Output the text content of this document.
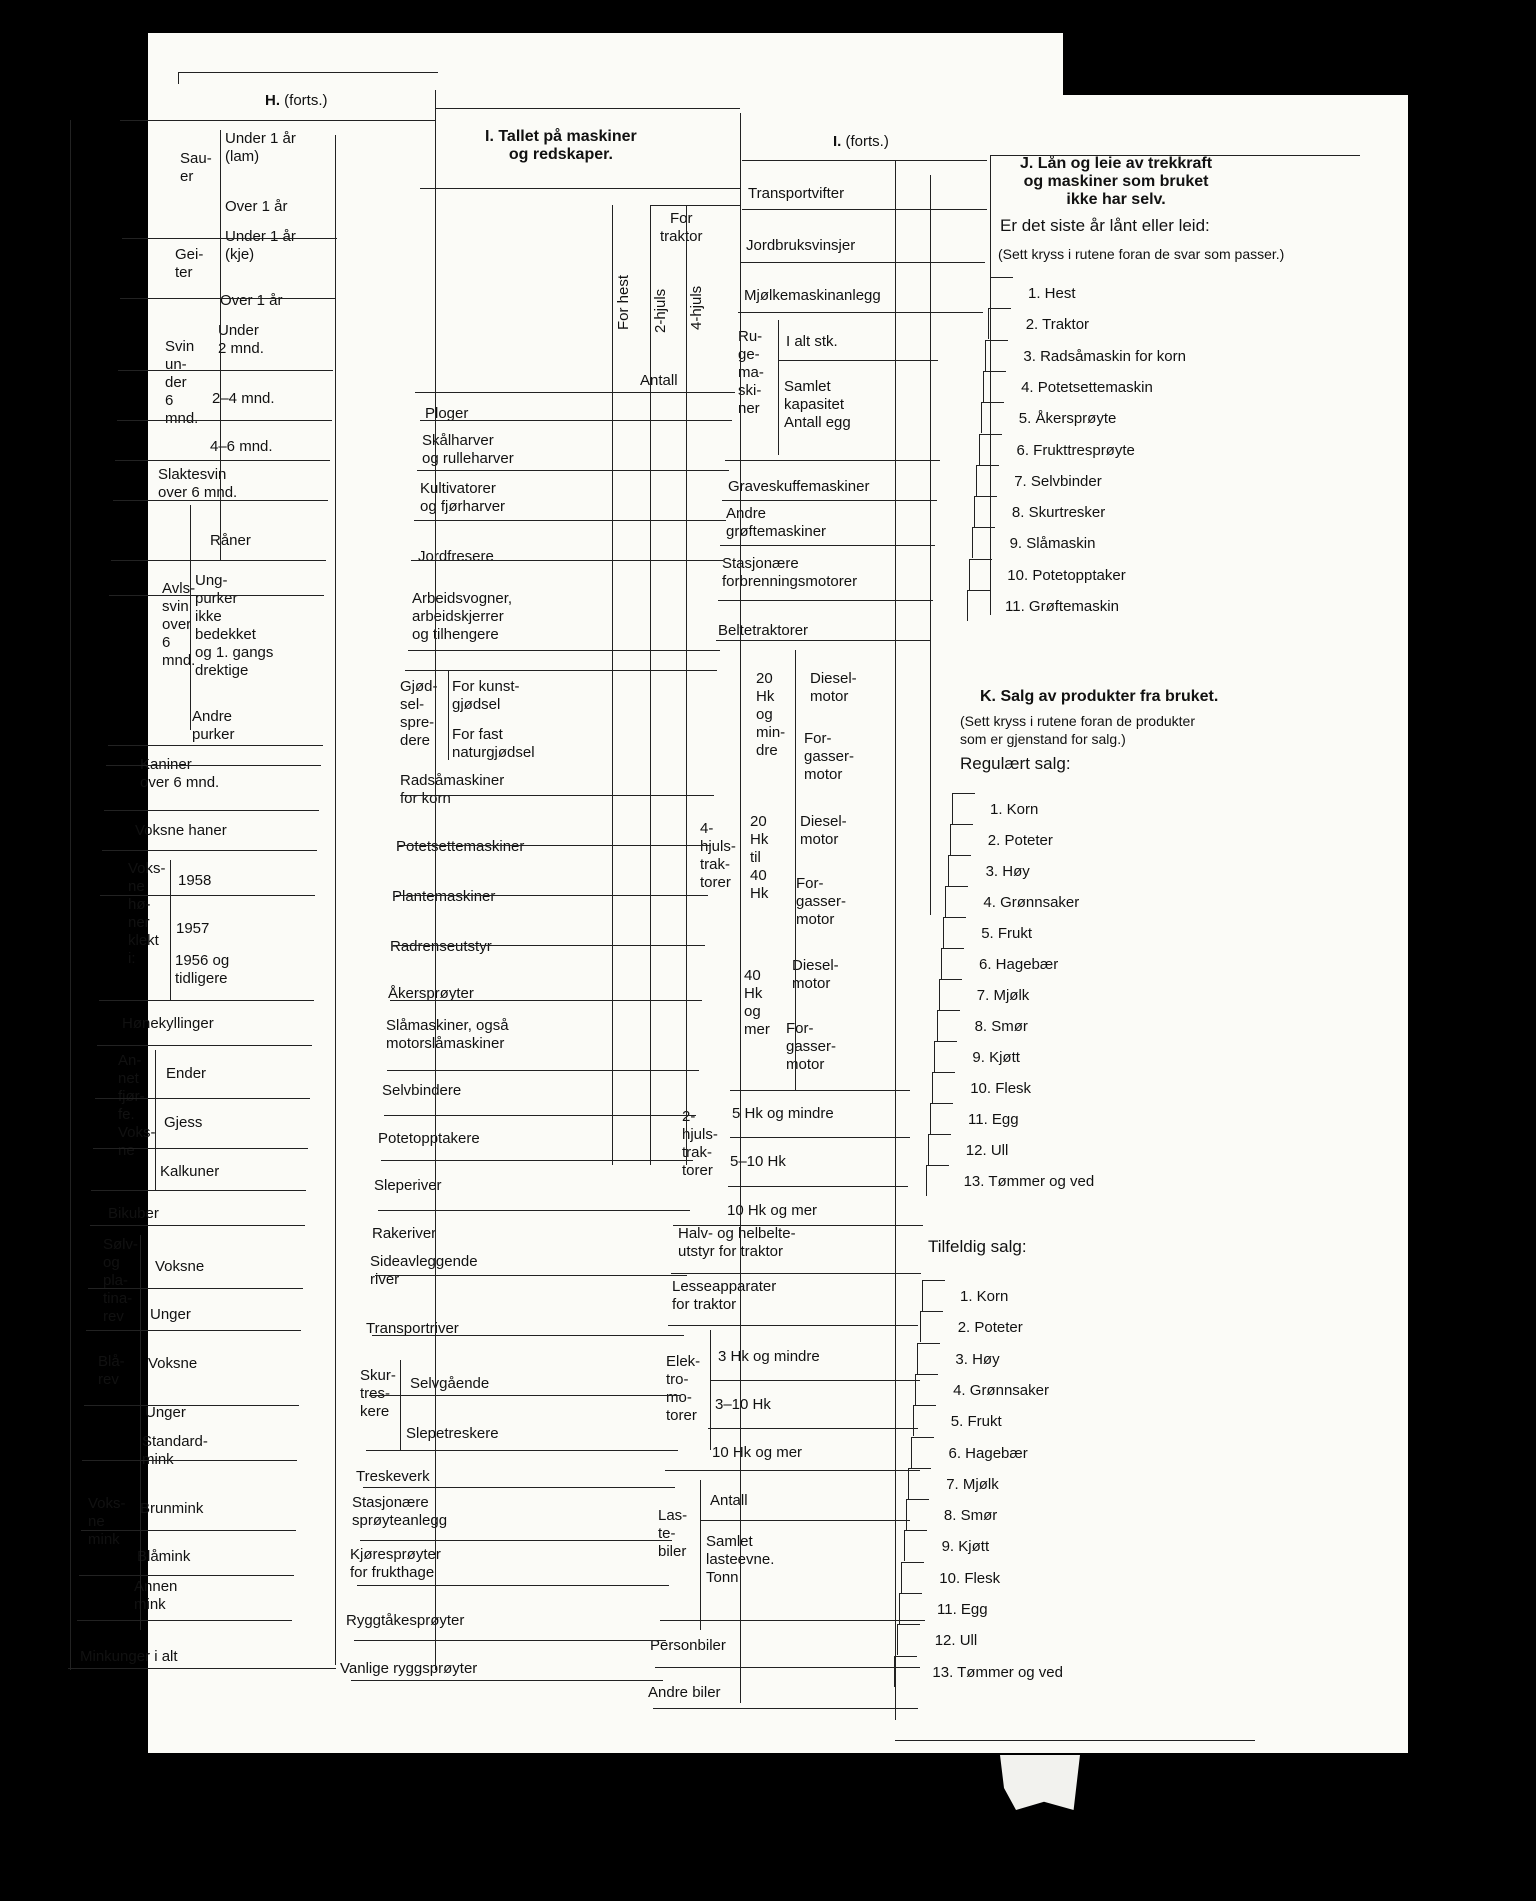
H. (forts.)
Sau-
er
Under 1 år
(lam)
Over 1 år
Gei-
ter
Under 1 år
(kje)
Over 1 år
Svin
un-
der
6
mnd.
Under
2 mnd.
2–4 mnd.
4–6 mnd.
Slaktesvin
over 6 mnd.
Avls-
svin
over
6
mnd.
Råner
Ung-
purker
ikke
bedekket
og 1. gangs
drektige
Andre
purker
Kaniner
over 6 mnd.
Voksne haner
Voks-
ne
hø-
ner
klekt
i:
1958
1957
1956 og
tidligere
Hønekyllinger
An-
net
fjør-
fe.
Voks-
ne
Ender
Gjess
Kalkuner
Bikuber
Sølv-
og
pla-
tina-
rev
Voksne
Unger
Blå-
rev
Voksne
Unger
Voks-
ne
mink
Standard-
mink
Brunmink
Blåmink
Annen
mink
Minkunger i alt
I. Tallet på maskiner
og redskaper.
For
traktor
For hest 2-hjuls 4-hjuls
Antall
Ploger
Skålharver
og rulleharver
Kultivatorer
og fjørharver
Jordfresere
Arbeidsvogner,
arbeidskjerrer
og tilhengere
Radsåmaskiner
for korn
Potetsettemaskiner
Plantemaskiner
Radrenseutstyr
Åkersprøyter
Slåmaskiner, også
motorslåmaskiner
Selvbindere
Potetopptakere
Sleperiver
Rakeriver
Sideavleggende
river
Transportriver
Treskeverk
Stasjonære
sprøyteanlegg
Kjøresprøyter
for frukthage
Ryggtåkesprøyter
Vanlige ryggsprøyter
Gjød-
sel-
spre-
dere
For kunst-
gjødsel
For fast
naturgjødsel
Skur-
tres-
kere
Selvgående
Slepetreskere
I. (forts.)
Transportvifter
Jordbruksvinsjer
Mjølkemaskinanlegg
Ru-
ge-
ma-
ski-
ner
I alt stk.
Samlet
kapasitet
Antall egg
Graveskuffemaskiner
Andre
grøftemaskiner
Stasjonære
forbrenningsmotorer
Beltetraktorer
4-
hjuls-
trak-
torer
20
Hk
og
min-
dre
20
Hk
til
40
Hk
40
Hk
og
mer
Diesel-
motor
For-
gasser-
motor
Diesel-
motor
For-
gasser-
motor
Diesel-
motor
For-
gasser-
motor
2-
hjuls-
trak-
torer
5 Hk og mindre
5–10 Hk
10 Hk og mer
Halv- og helbelte-
utstyr for traktor
Lesseapparater
for traktor
Elek-
tro-
mo-
torer
3 Hk og mindre
3–10 Hk
10 Hk og mer
Las-
te-
biler
Antall
Samlet
lasteevne.
Tonn
Personbiler
Andre biler
J. Lån og leie av trekkraft
og maskiner som bruket
ikke har selv.
Er det siste år lånt eller leid:
(Sett kryss i rutene foran de svar som passer.)
1. Hest
2. Traktor
3. Radsåmaskin for korn
4. Potetsettemaskin
5. Åkersprøyte
6. Frukttresprøyte
7. Selvbinder
8. Skurtresker
9. Slåmaskin
10. Potetopptaker
11. Grøftemaskin
K. Salg av produkter fra bruket.
(Sett kryss i rutene foran de produkter
som er gjenstand for salg.)
Regulært salg:
1. Korn
2. Poteter
3. Høy
4. Grønnsaker
5. Frukt
6. Hagebær
7. Mjølk
8. Smør
9. Kjøtt
10. Flesk
11. Egg
12. Ull
13. Tømmer og ved
Tilfeldig salg:
1. Korn
2. Poteter
3. Høy
4. Grønnsaker
5. Frukt
6. Hagebær
7. Mjølk
8. Smør
9. Kjøtt
10. Flesk
11. Egg
12. Ull
13. Tømmer og ved
